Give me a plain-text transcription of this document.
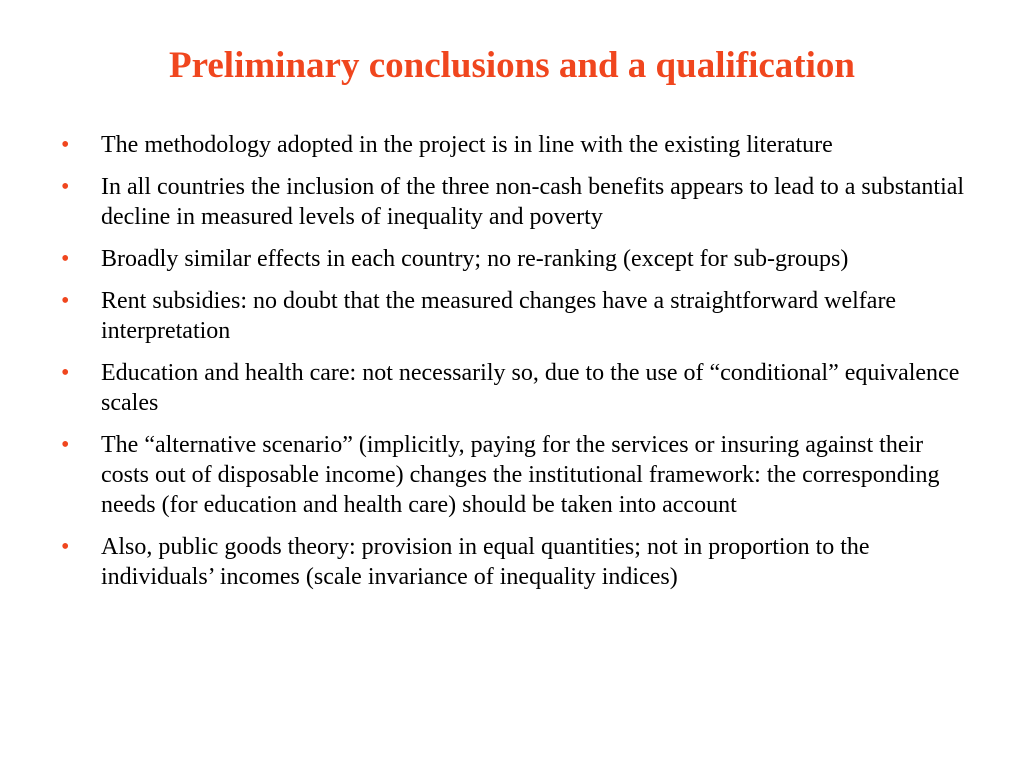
Preliminary conclusions and a qualification
•	The methodology adopted in the project is in line with the existing literature
•	In all countries the inclusion of the three non-cash benefits appears to lead to a substantial decline in measured levels of inequality and poverty
•	Broadly similar effects in each country; no re-ranking (except for sub-groups)
•	Rent subsidies: no doubt that the measured changes have a straightforward welfare interpretation
•	Education and health care: not necessarily so, due to the use of “conditional” equivalence scales
•	The “alternative scenario” (implicitly, paying for the services or insuring against their costs out of disposable income) changes the institutional framework: the corresponding needs (for education and health care) should be taken into account
•	Also, public goods theory: provision in equal quantities; not in proportion to the individuals’ incomes (scale invariance of inequality indices)
